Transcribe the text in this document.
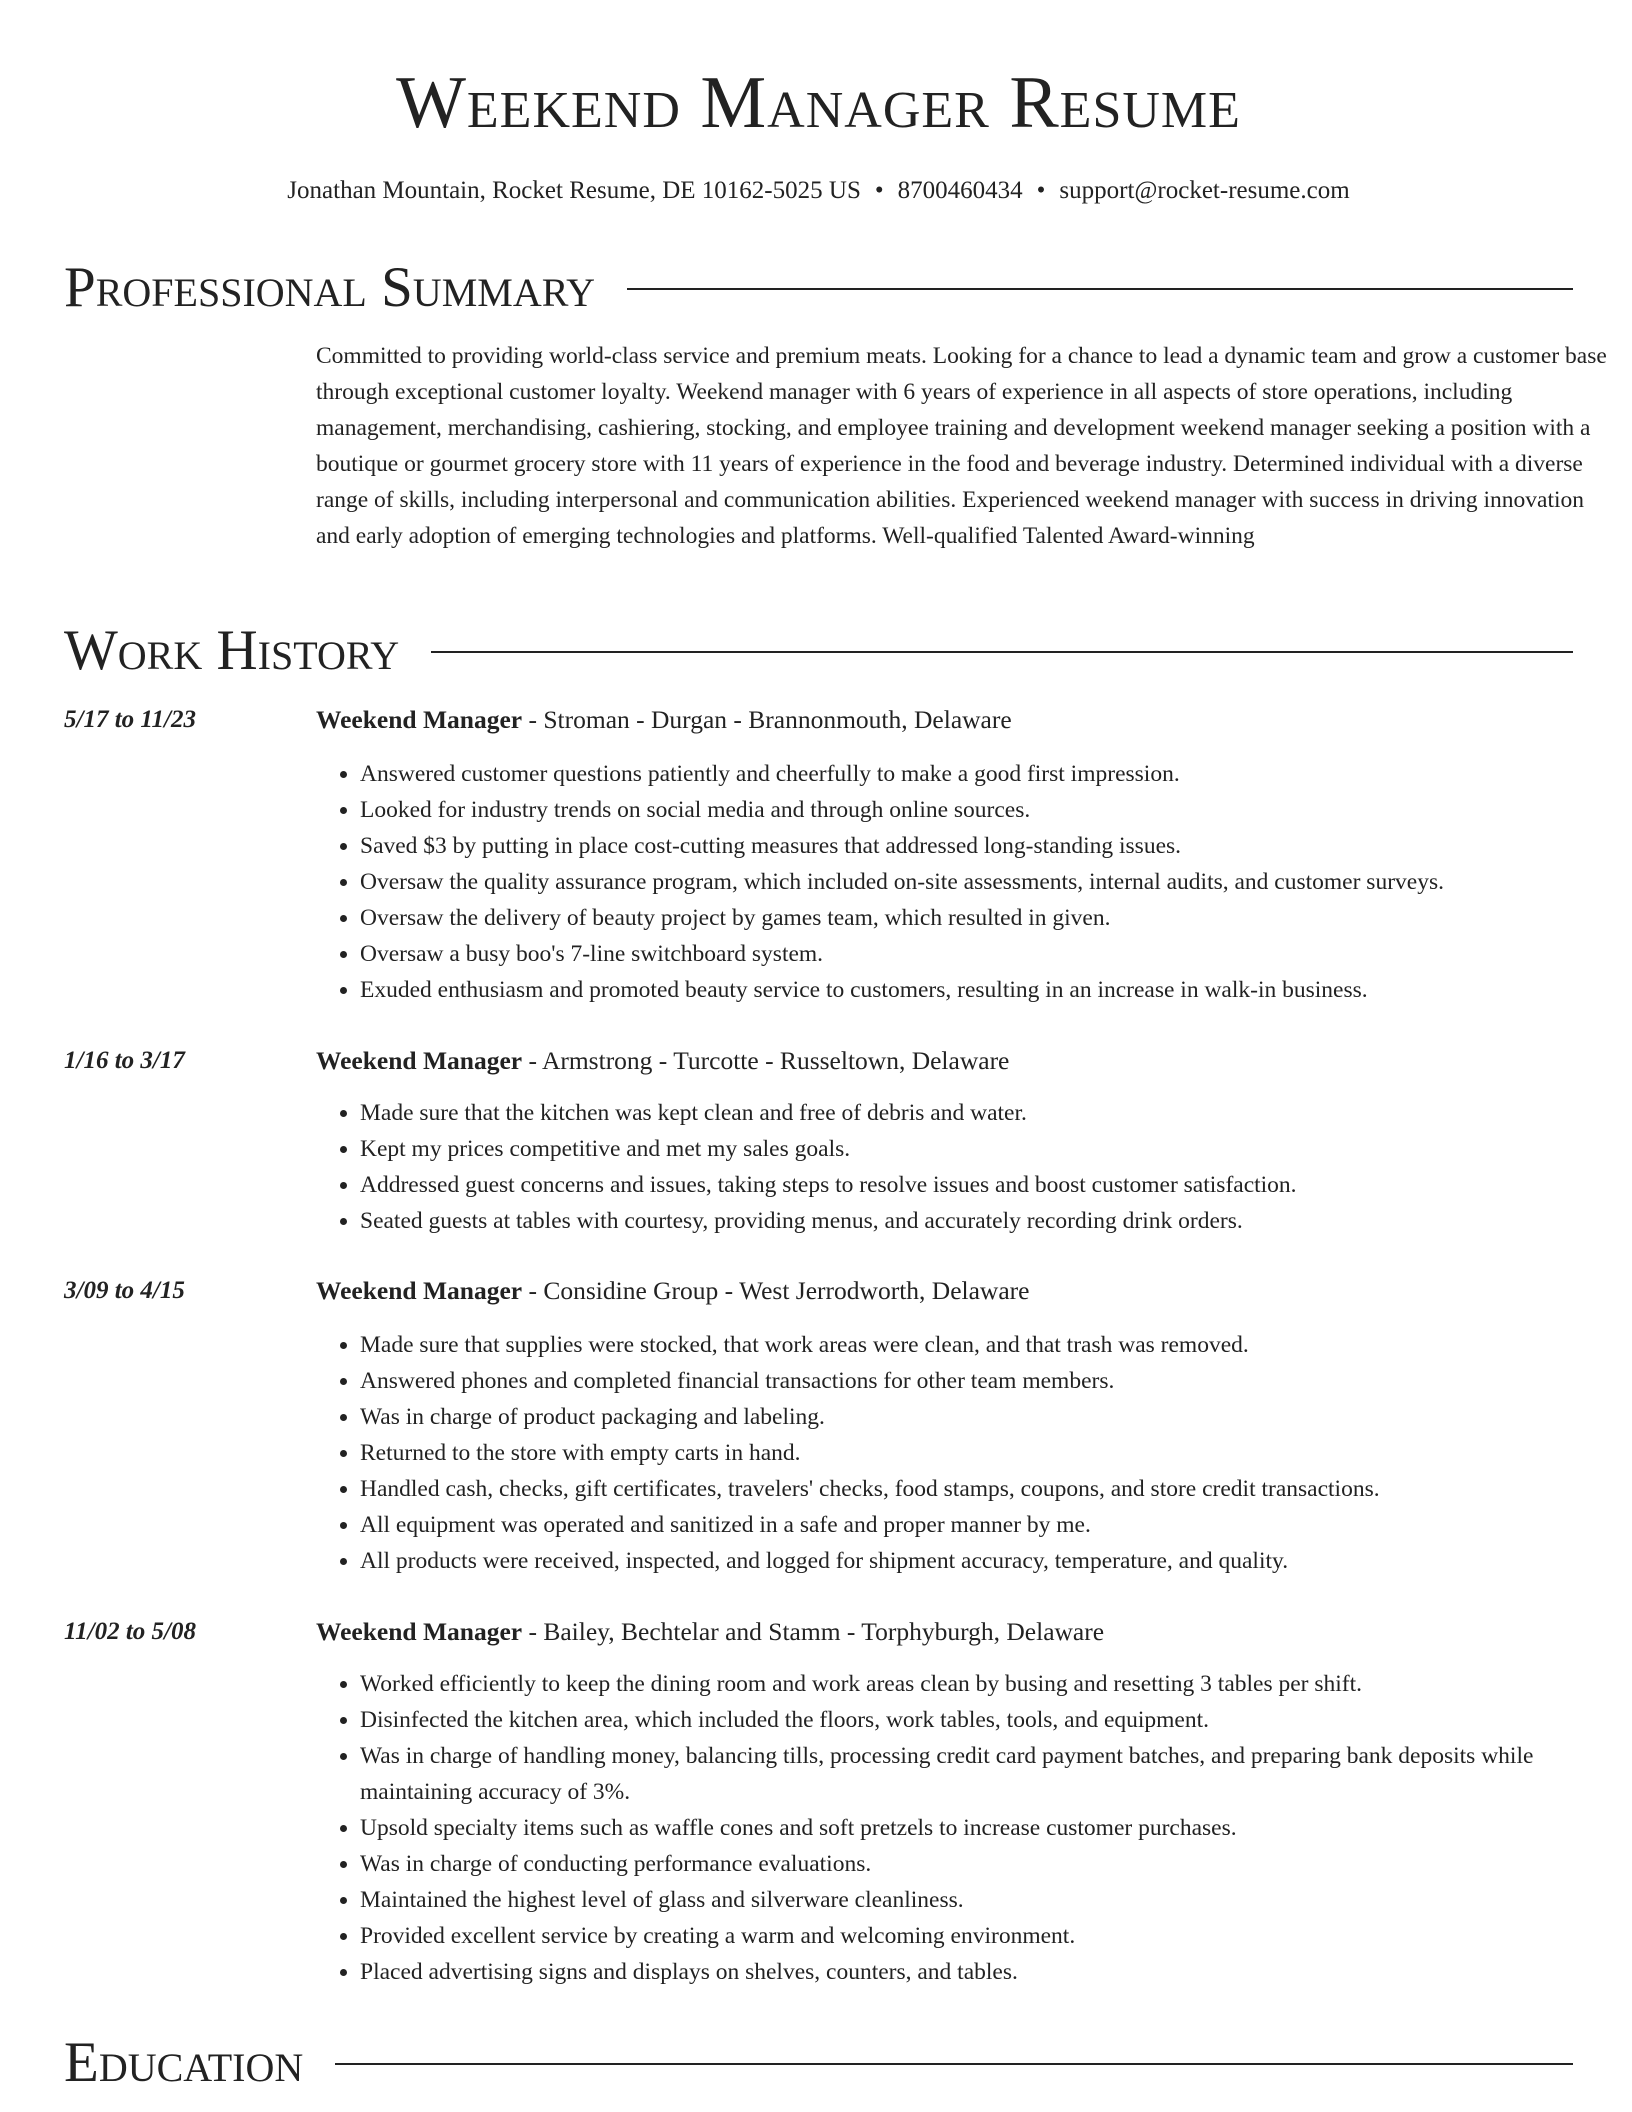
Weekend Manager Resume
Jonathan Mountain, Rocket Resume, DE 10162-5025 US • 8700460434 • support@rocket-resume.com
Professional Summary

Committed to providing world-class service and premium meats. Looking for a chance to lead a dynamic team and grow a customer base through exceptional customer loyalty. Weekend manager with 6 years of experience in all aspects of store operations, including management, merchandising, cashiering, stocking, and employee training and development weekend manager seeking a position with a boutique or gourmet grocery store with 11 years of experience in the food and beverage industry. Determined individual with a diverse range of skills, including interpersonal and communication abilities. Experienced weekend manager with success in driving innovation and early adoption of emerging technologies and platforms. Well-qualified Talented Award-winning

Work History
5/17 to 11/23	Weekend Manager - Stroman - Durgan - Brannonmouth, Delaware
• Answered customer questions patiently and cheerfully to make a good first impression.
• Looked for industry trends on social media and through online sources.
• Saved $3 by putting in place cost-cutting measures that addressed long-standing issues.
• Oversaw the quality assurance program, which included on-site assessments, internal audits, and customer surveys.
• Oversaw the delivery of beauty project by games team, which resulted in given.
• Oversaw a busy boo's 7-line switchboard system.
• Exuded enthusiasm and promoted beauty service to customers, resulting in an increase in walk-in business.
1/16 to 3/17	Weekend Manager - Armstrong - Turcotte - Russeltown, Delaware
• Made sure that the kitchen was kept clean and free of debris and water.
• Kept my prices competitive and met my sales goals.
• Addressed guest concerns and issues, taking steps to resolve issues and boost customer satisfaction.
• Seated guests at tables with courtesy, providing menus, and accurately recording drink orders.
3/09 to 4/15	Weekend Manager - Considine Group - West Jerrodworth, Delaware
• Made sure that supplies were stocked, that work areas were clean, and that trash was removed.
• Answered phones and completed financial transactions for other team members.
• Was in charge of product packaging and labeling.
• Returned to the store with empty carts in hand.
• Handled cash, checks, gift certificates, travelers' checks, food stamps, coupons, and store credit transactions.
• All equipment was operated and sanitized in a safe and proper manner by me.
• All products were received, inspected, and logged for shipment accuracy, temperature, and quality.
11/02 to 5/08	Weekend Manager - Bailey, Bechtelar and Stamm - Torphyburgh, Delaware
• Worked efficiently to keep the dining room and work areas clean by busing and resetting 3 tables per shift.
• Disinfected the kitchen area, which included the floors, work tables, tools, and equipment.
• Was in charge of handling money, balancing tills, processing credit card payment batches, and preparing bank deposits while maintaining accuracy of 3%.
• Upsold specialty items such as waffle cones and soft pretzels to increase customer purchases.
• Was in charge of conducting performance evaluations.
• Maintained the highest level of glass and silverware cleanliness.
• Provided excellent service by creating a warm and welcoming environment.
• Placed advertising signs and displays on shelves, counters, and tables.
Education
